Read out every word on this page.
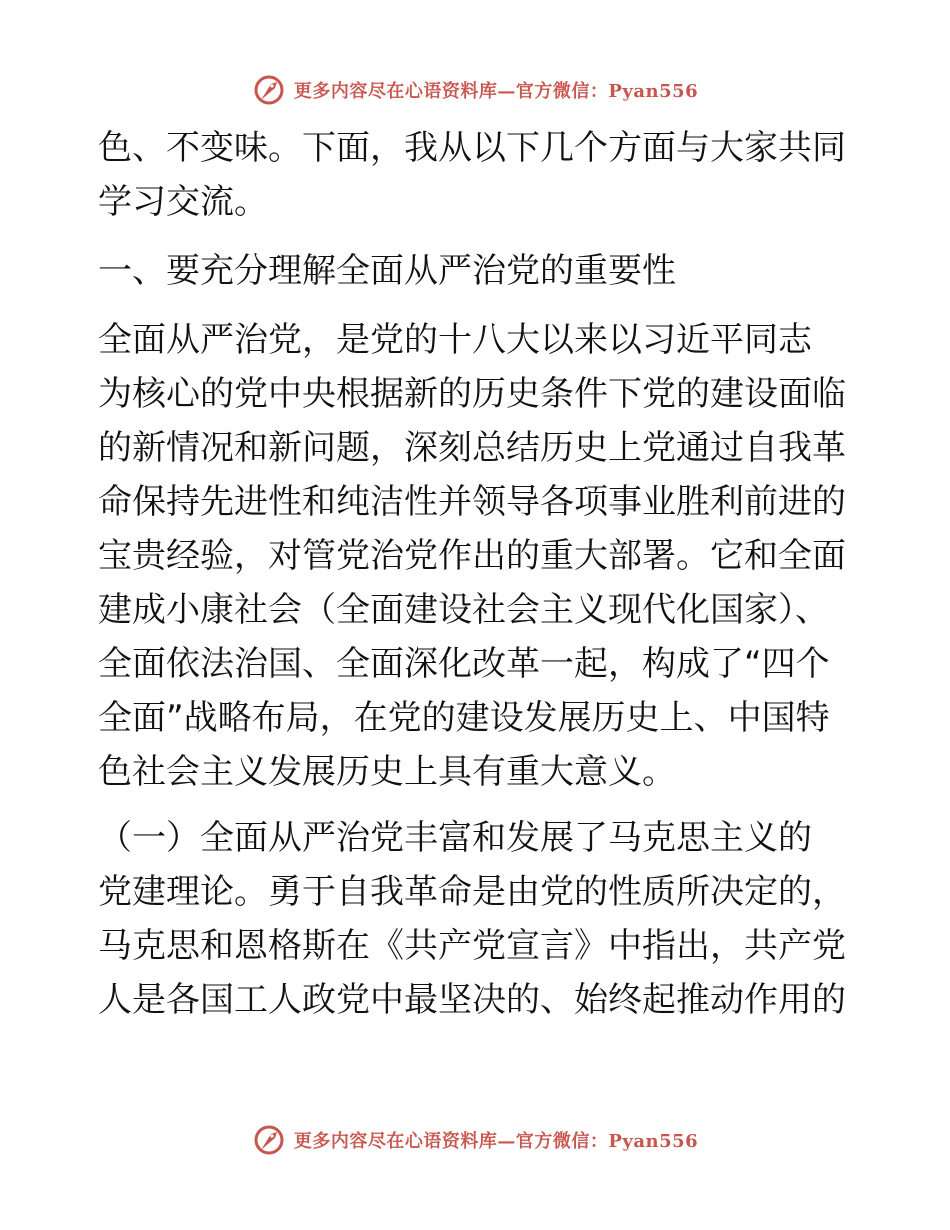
更多内容尽在心语资料库—官方微信：Pyan556
色、不变味。下面，我从以下几个方面与大家共同
学习交流。
一、要充分理解全面从严治党的重要性
全面从严治党，是党的十八大以来以习近平同志
为核心的党中央根据新的历史条件下党的建设面临
的新情况和新问题，深刻总结历史上党通过自我革
命保持先进性和纯洁性并领导各项事业胜利前进的
宝贵经验，对管党治党作出的重大部署。它和全面
建成小康社会（全面建设社会主义现代化国家）、
全面依法治国、全面深化改革一起，构成了“四个
全面”战略布局，在党的建设发展历史上、中国特
色社会主义发展历史上具有重大意义。
（一）全面从严治党丰富和发展了马克思主义的
党建理论。勇于自我革命是由党的性质所决定的，
马克思和恩格斯在《共产党宣言》中指出，共产党
人是各国工人政党中最坚决的、始终起推动作用的
更多内容尽在心语资料库—官方微信：Pyan556
